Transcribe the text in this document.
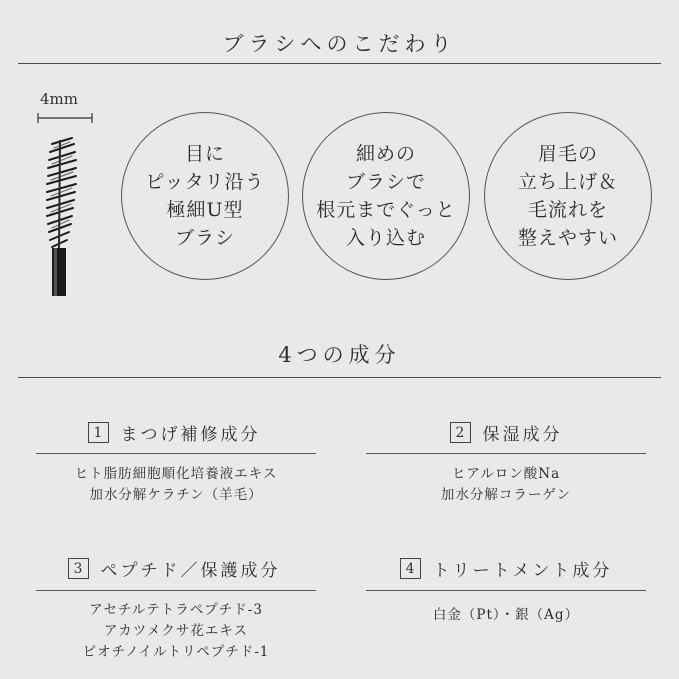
ブラシへのこだわり
4mm
目に
ピッタリ沿う
極細U型
ブラシ
細めの
ブラシで
根元までぐっと
入り込む
眉毛の
立ち上げ＆
毛流れを
整えやすい
4つの成分
1	まつげ補修成分
ヒト脂肪細胞順化培養液エキス
加水分解ケラチン（羊毛）
2	保湿成分
ヒアルロン酸Na
加水分解コラーゲン
3	ペプチド／保護成分
アセチルテトラペプチド-3
アカツメクサ花エキス
ビオチノイルトリペプチド-1
4	トリートメント成分
白金（Pt）・銀（Ag）
